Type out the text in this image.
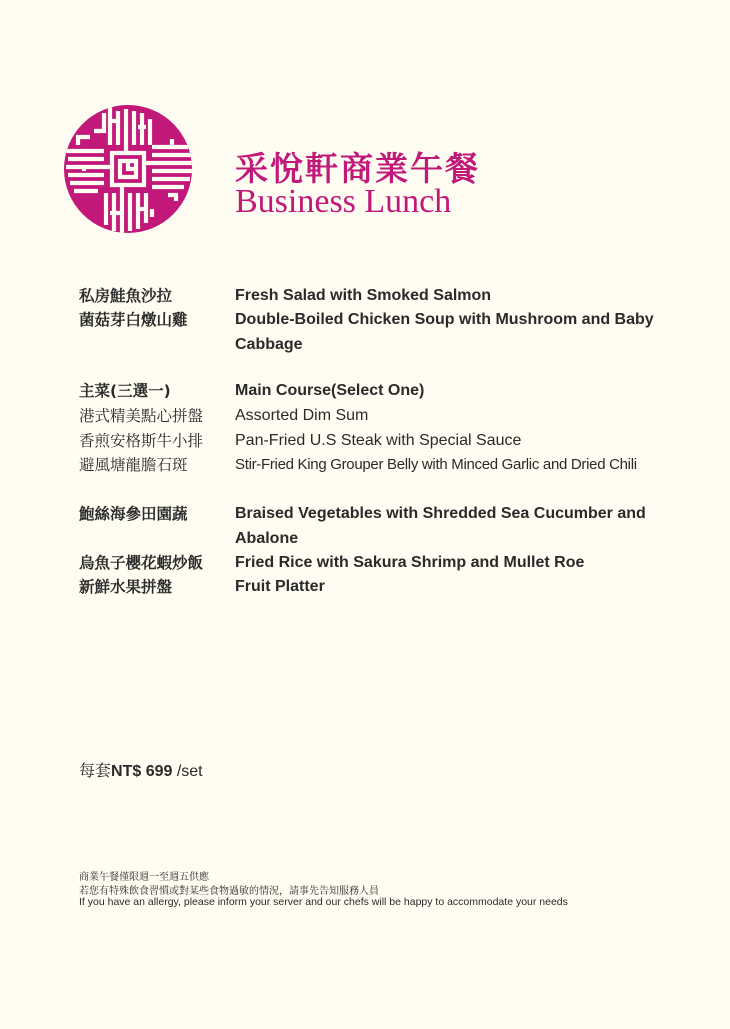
采悅軒商業午餐
Business Lunch
私房鮭魚沙拉	Fresh Salad with Smoked Salmon
菌菇芽白燉山雞	Double-Boiled Chicken Soup with Mushroom and Baby Cabbage
主菜(三選一)	Main Course(Select One)
港式精美點心拼盤 Assorted Dim Sum
香煎安格斯牛小排 Pan-Fried U.S Steak with Special Sauce
避風塘龍膽石斑	Stir-Fried King Grouper Belly with Minced Garlic and Dried Chili
鮑絲海參田園蔬	Braised Vegetables with Shredded Sea Cucumber and Abalone
烏魚子櫻花蝦炒飯 Fried Rice with Sakura Shrimp and Mullet Roe
新鮮水果拼盤	Fruit Platter
每套NT$ 699 /set
商業午餐僅限週一至週五供應
若您有特殊飲食習慣或對某些食物過敏的情況，請事先告知服務人員
If you have an allergy, please inform your server and our chefs will be happy to accommodate your needs
